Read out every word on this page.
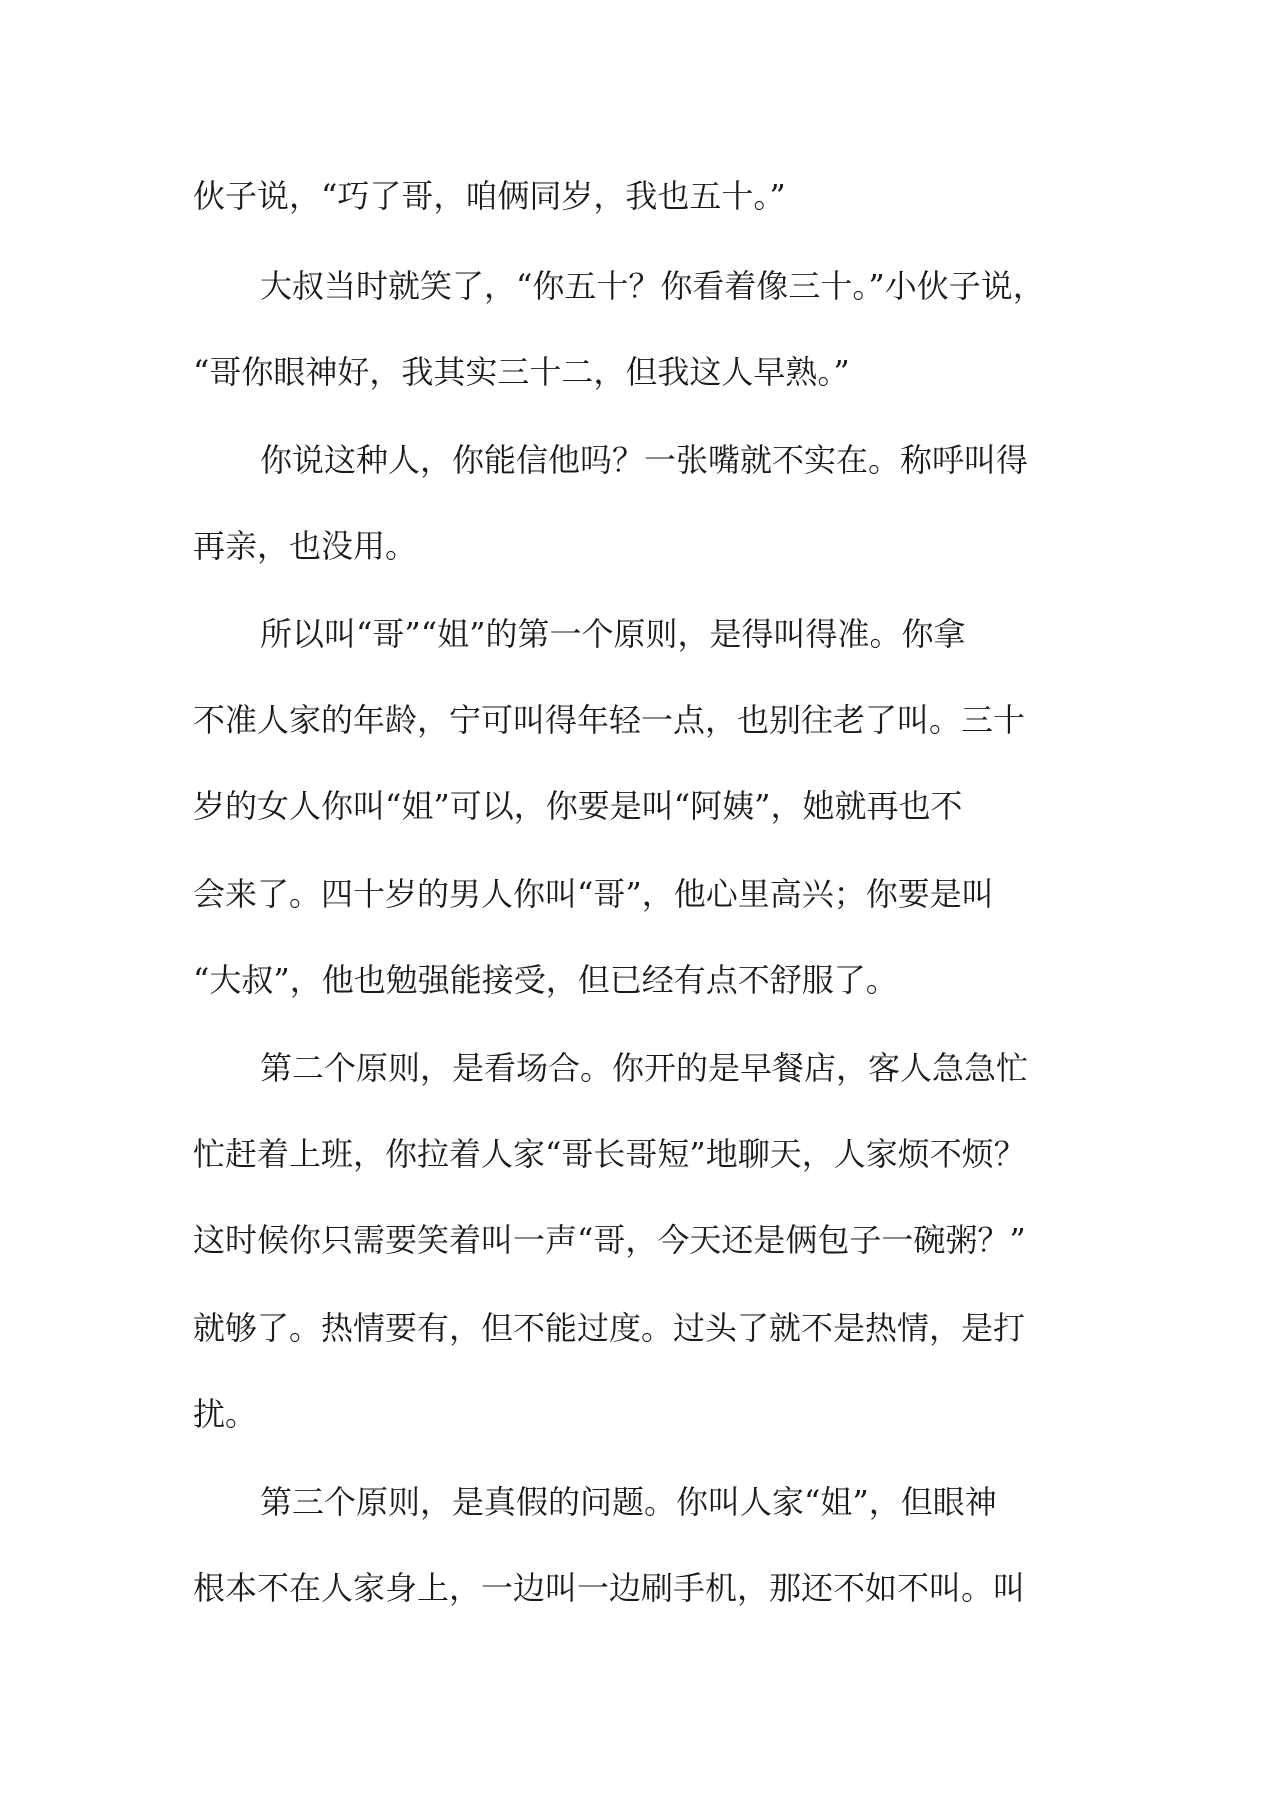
伙子说，“巧了哥，咱俩同岁，我也五十。”

大叔当时就笑了，“你五十？你看着像三十。”小伙子说，

“哥你眼神好，我其实三十二，但我这人早熟。”

你说这种人，你能信他吗？一张嘴就不实在。称呼叫得

再亲，也没用。

所以叫“哥”“姐”的第一个原则，是得叫得准。你拿

不准人家的年龄，宁可叫得年轻一点，也别往老了叫。三十

岁的女人你叫“姐”可以，你要是叫“阿姨”，她就再也不

会来了。四十岁的男人你叫“哥”，他心里高兴；你要是叫

“大叔”，他也勉强能接受，但已经有点不舒服了。

第二个原则，是看场合。你开的是早餐店，客人急急忙

忙赶着上班，你拉着人家“哥长哥短”地聊天，人家烦不烦？

这时候你只需要笑着叫一声“哥，今天还是俩包子一碗粥？”

就够了。热情要有，但不能过度。过头了就不是热情，是打

扰。

第三个原则，是真假的问题。你叫人家“姐”，但眼神

根本不在人家身上，一边叫一边刷手机，那还不如不叫。叫
